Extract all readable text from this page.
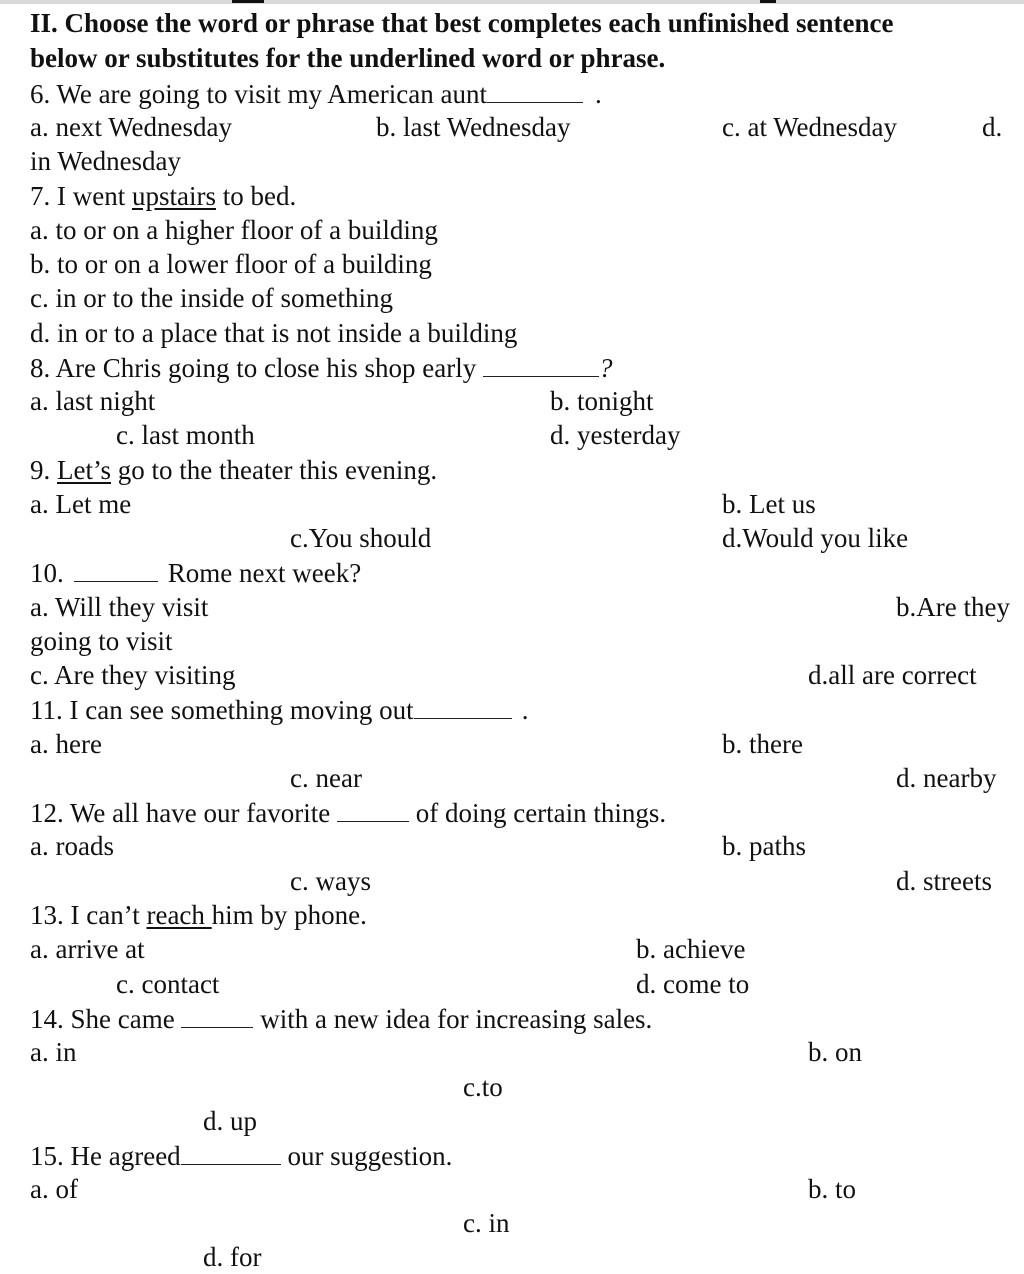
II. Choose the word or phrase that best completes each unfinished sentence
below or substitutes for the underlined word or phrase.
6. We are going to visit my American aunt	.
a. next Wednesday	b. last Wednesday	c. at Wednesday	d.
in Wednesday
7. I went upstairs to bed.
a. to or on a higher floor of a building
b. to or on a lower floor of a building
c. in or to the inside of something
d. in or to a place that is not inside a building
8. Are Chris going to close his shop early	?
a. last night	b. tonight
c. last month	d. yesterday
9. Let’s go to the theater this evening.
a. Let me	b. Let us
c.You should	d.Would you like
10.	Rome next week?
a. Will they visit	b.Are they
going to visit
c. Are they visiting	d.all are correct
11. I can see something moving out	.
a. here	b. there
c. near	d. nearby
12. We all have our favorite	of doing certain things.
a. roads	b. paths
c. ways	d. streets
13. I can’t reach him by phone.
a. arrive at	b. achieve
c. contact	d. come to
14. She came	with a new idea for increasing sales.
a. in	b. on
c.to
d. up
15. He agreed	our suggestion.
a. of	b. to
c. in
d. for
